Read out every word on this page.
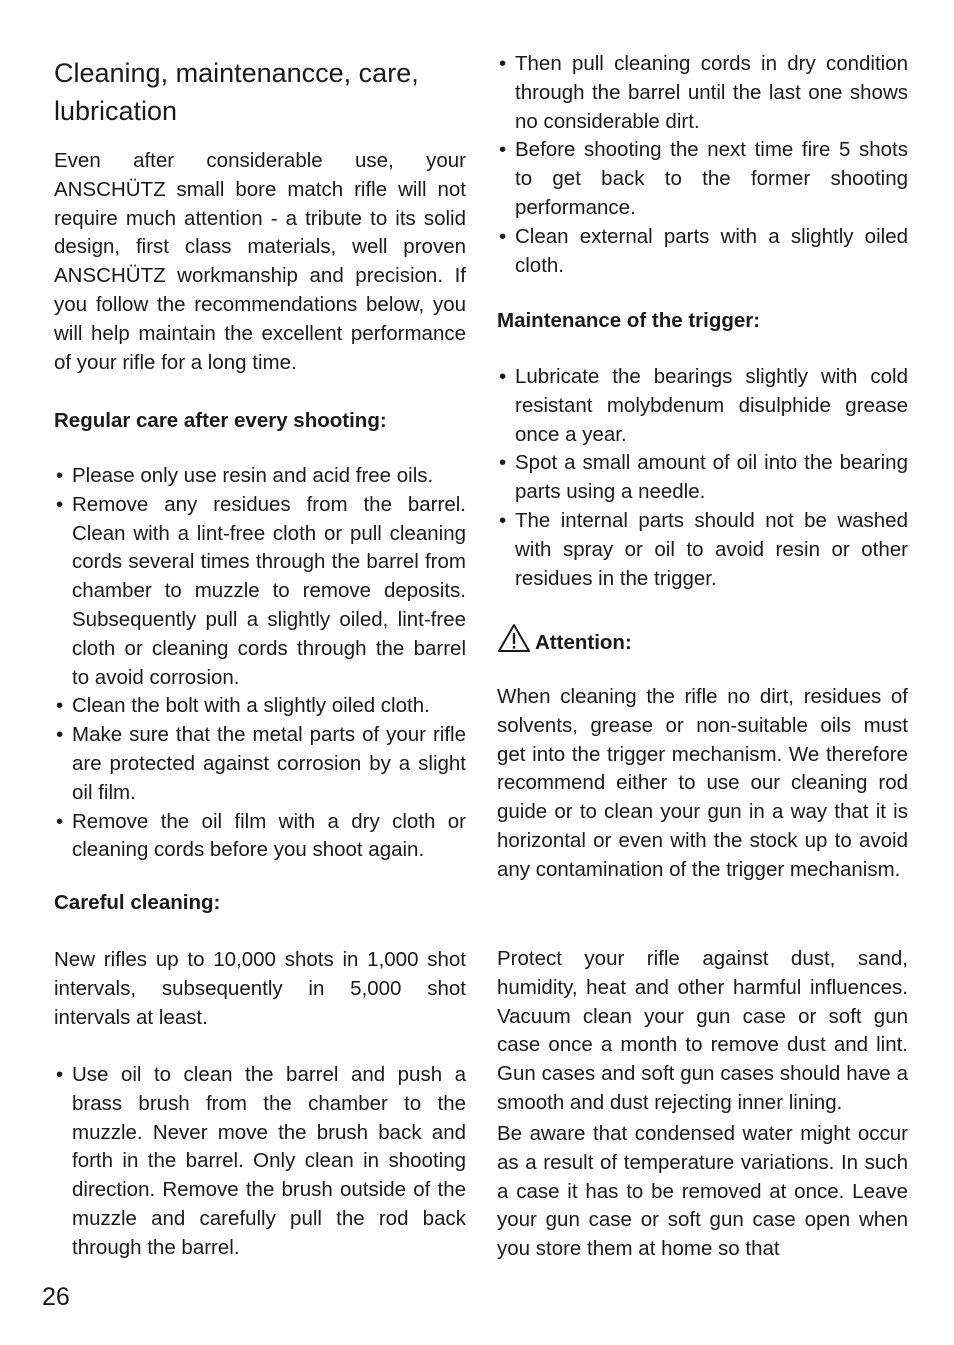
Cleaning, maintenancce, care, lubrication

Even after considerable use, your ANSCHÜTZ small bore match rifle will not require much attention - a tribute to its solid design, first class materials, well proven ANSCHÜTZ workmanship and precision. If you follow the recommendations below, you will help maintain the excellent performance of your rifle for a long time.

Regular care after every shooting:

• Please only use resin and acid free oils.
• Remove any residues from the barrel. Clean with a lint-free cloth or pull cleaning cords several times through the barrel from chamber to muzzle to remove deposits. Subsequently pull a slightly oiled, lint-free cloth or cleaning cords through the barrel to avoid corrosion.
• Clean the bolt with a slightly oiled cloth.
• Make sure that the metal parts of your rifle are protected against corrosion by a slight oil film.
• Remove the oil film with a dry cloth or cleaning cords before you shoot again.

Careful cleaning:

New rifles up to 10,000 shots in 1,000 shot intervals, subsequently in 5,000 shot intervals at least.

• Use oil to clean the barrel and push a brass brush from the chamber to the muzzle. Never move the brush back and forth in the barrel. Only clean in shooting direction. Remove the brush outside of the muzzle and carefully pull the rod back through the barrel.
• Then pull cleaning cords in dry condition through the barrel until the last one shows no considerable dirt.
• Before shooting the next time fire 5 shots to get back to the former shooting performance.
• Clean external parts with a slightly oiled cloth.

Maintenance of the trigger:

• Lubricate the bearings slightly with cold resistant molybdenum disulphide grease once a year.
• Spot a small amount of oil into the bearing parts using a needle.
• The internal parts should not be washed with spray or oil to avoid resin or other residues in the trigger.

Attention:

When cleaning the rifle no dirt, residues of solvents, grease or non-suitable oils must get into the trigger mechanism. We therefore recommend either to use our cleaning rod guide or to clean your gun in a way that it is horizontal or even with the stock up to avoid any contamination of the trigger mechanism.

Protect your rifle against dust, sand, humidity, heat and other harmful influences. Vacuum clean your gun case or soft gun case once a month to remove dust and lint. Gun cases and soft gun cases should have a smooth and dust rejecting inner lining.

Be aware that condensed water might occur as a result of temperature variations. In such a case it has to be removed at once. Leave your gun case or soft gun case open when you store them at home so that

26
